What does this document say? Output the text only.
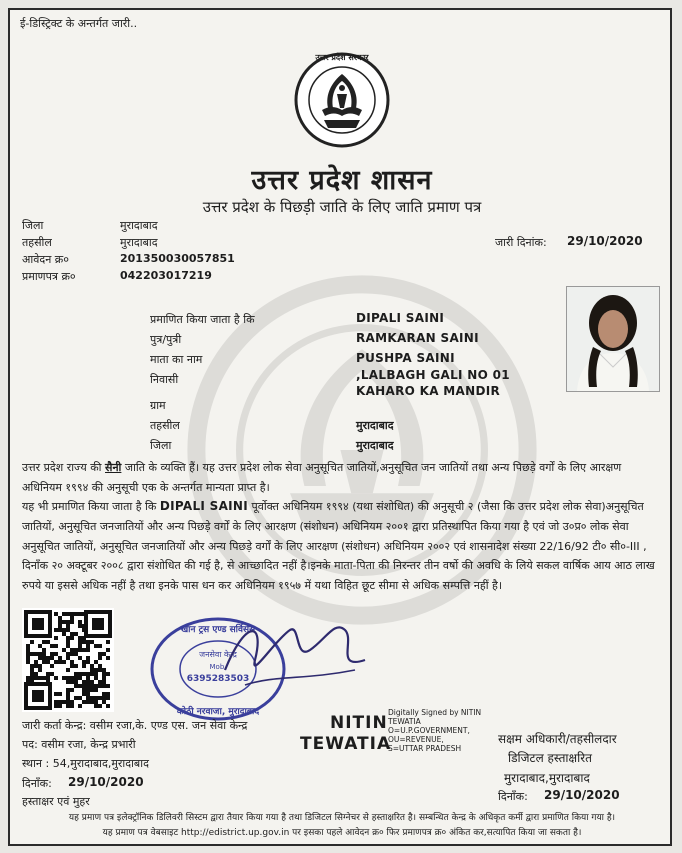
ई-डिस्ट्रिक्ट के अन्तर्गत जारी..
उत्तर प्रदेश सरकार
उत्तर प्रदेश शासन
उत्तर प्रदेश के पिछड़ी जाति के लिए जाति प्रमाण पत्र
जिला	मुरादाबाद
तहसील	मुरादाबाद
आवेदन क्र०	201350030057851
प्रमाणपत्र क्र०	042203017219
जारी दिनांक: 29/10/2020
प्रमाणित किया जाता है कि	DIPALI SAINI
पुत्र/पुत्री	RAMKARAN SAINI
माता का नाम	PUSHPA SAINI
निवासी	,LALBAGH GALI NO 01
KAHARO KA MANDIR
ग्राम
तहसील	मुरादाबाद
जिला	मुरादाबाद
उत्तर प्रदेश राज्य की सैनी जाति के व्यक्ति हैं। यह उत्तर प्रदेश लोक सेवा अनुसूचित जातियों,अनुसूचित जन जातियों तथा अन्य पिछड़े वर्गों के लिए आरक्षण अधिनियम १९९४ की अनुसूची एक के अन्तर्गत मान्यता प्राप्त है।
यह भी प्रमाणित किया जाता है कि DIPALI SAINI पूर्वोक्त अधिनियम १९९४ (यथा संशोधित) की अनुसूची २ (जैसा कि उत्तर प्रदेश लोक सेवा)अनुसूचित जातियों, अनुसूचित जनजातियों और अन्य पिछड़े वर्गों के लिए आरक्षण (संशोधन) अधिनियम २००१ द्वारा प्रतिस्थापित किया गया है एवं जो उ०प्र० लोक सेवा अनुसूचित जातियों, अनुसूचित जनजातियों और अन्य पिछड़े वर्गों के लिए आरक्षण (संशोधन) अधिनियम २००२ एवं शासनादेश संख्या 22/16/92 टी० सी०-III , दिनाँक २० अक्टूबर २००८ द्वारा संशोधित की गई है, से आच्छादित नहीं है।इनके माता-पिता की निरन्तर तीन वर्षो की अवधि के लिये सकल वार्षिक आय आठ लाख रुपये या इससे अधिक नहीं है तथा इनके पास धन कर अधिनियम १९५७ में यथा विहित छूट सीमा से अधिक सम्पत्ति नहीं है।
खान ट्रस एण्ड सर्विसेस
जनसेवा केन्द्र
Mob.
6395283503
कोठी नरवाजा, मुरादाबाद
जारी कर्ता केन्द्र: वसीम रजा,के. एण्ड एस. जन सेवा केन्द्र
पद: वसीम रजा, केन्द्र प्रभारी
स्थान : 54,मुरादाबाद,मुरादाबाद
दिनाँक: 29/10/2020
हस्ताक्षर एवं मुहर
NITIN
TEWATIA
Digitally Signed by NITIN
TEWATIA
O=U.P.GOVERNMENT,
OU=REVENUE,
S=UTTAR PRADESH
सक्षम अधिकारी/तहसीलदार
डिजिटल हस्ताक्षरित
मुरादाबाद,मुरादाबाद
दिनाँक: 29/10/2020
यह प्रमाण पत्र इलेक्ट्रॉनिक डिलिवरी सिस्टम द्वारा तैयार किया गया है तथा डिजिटल सिग्नेचर से हस्ताक्षरित है। सम्बन्धित केन्द्र के अधिकृत कर्मी द्वारा प्रमाणित किया गया है।
यह प्रमाण पत्र वेबसाइट http://edistrict.up.gov.in पर इसका पहले आवेदन क्र० फिर प्रमाणपत्र क्र० अंकित कर,सत्यापित किया जा सकता है।
